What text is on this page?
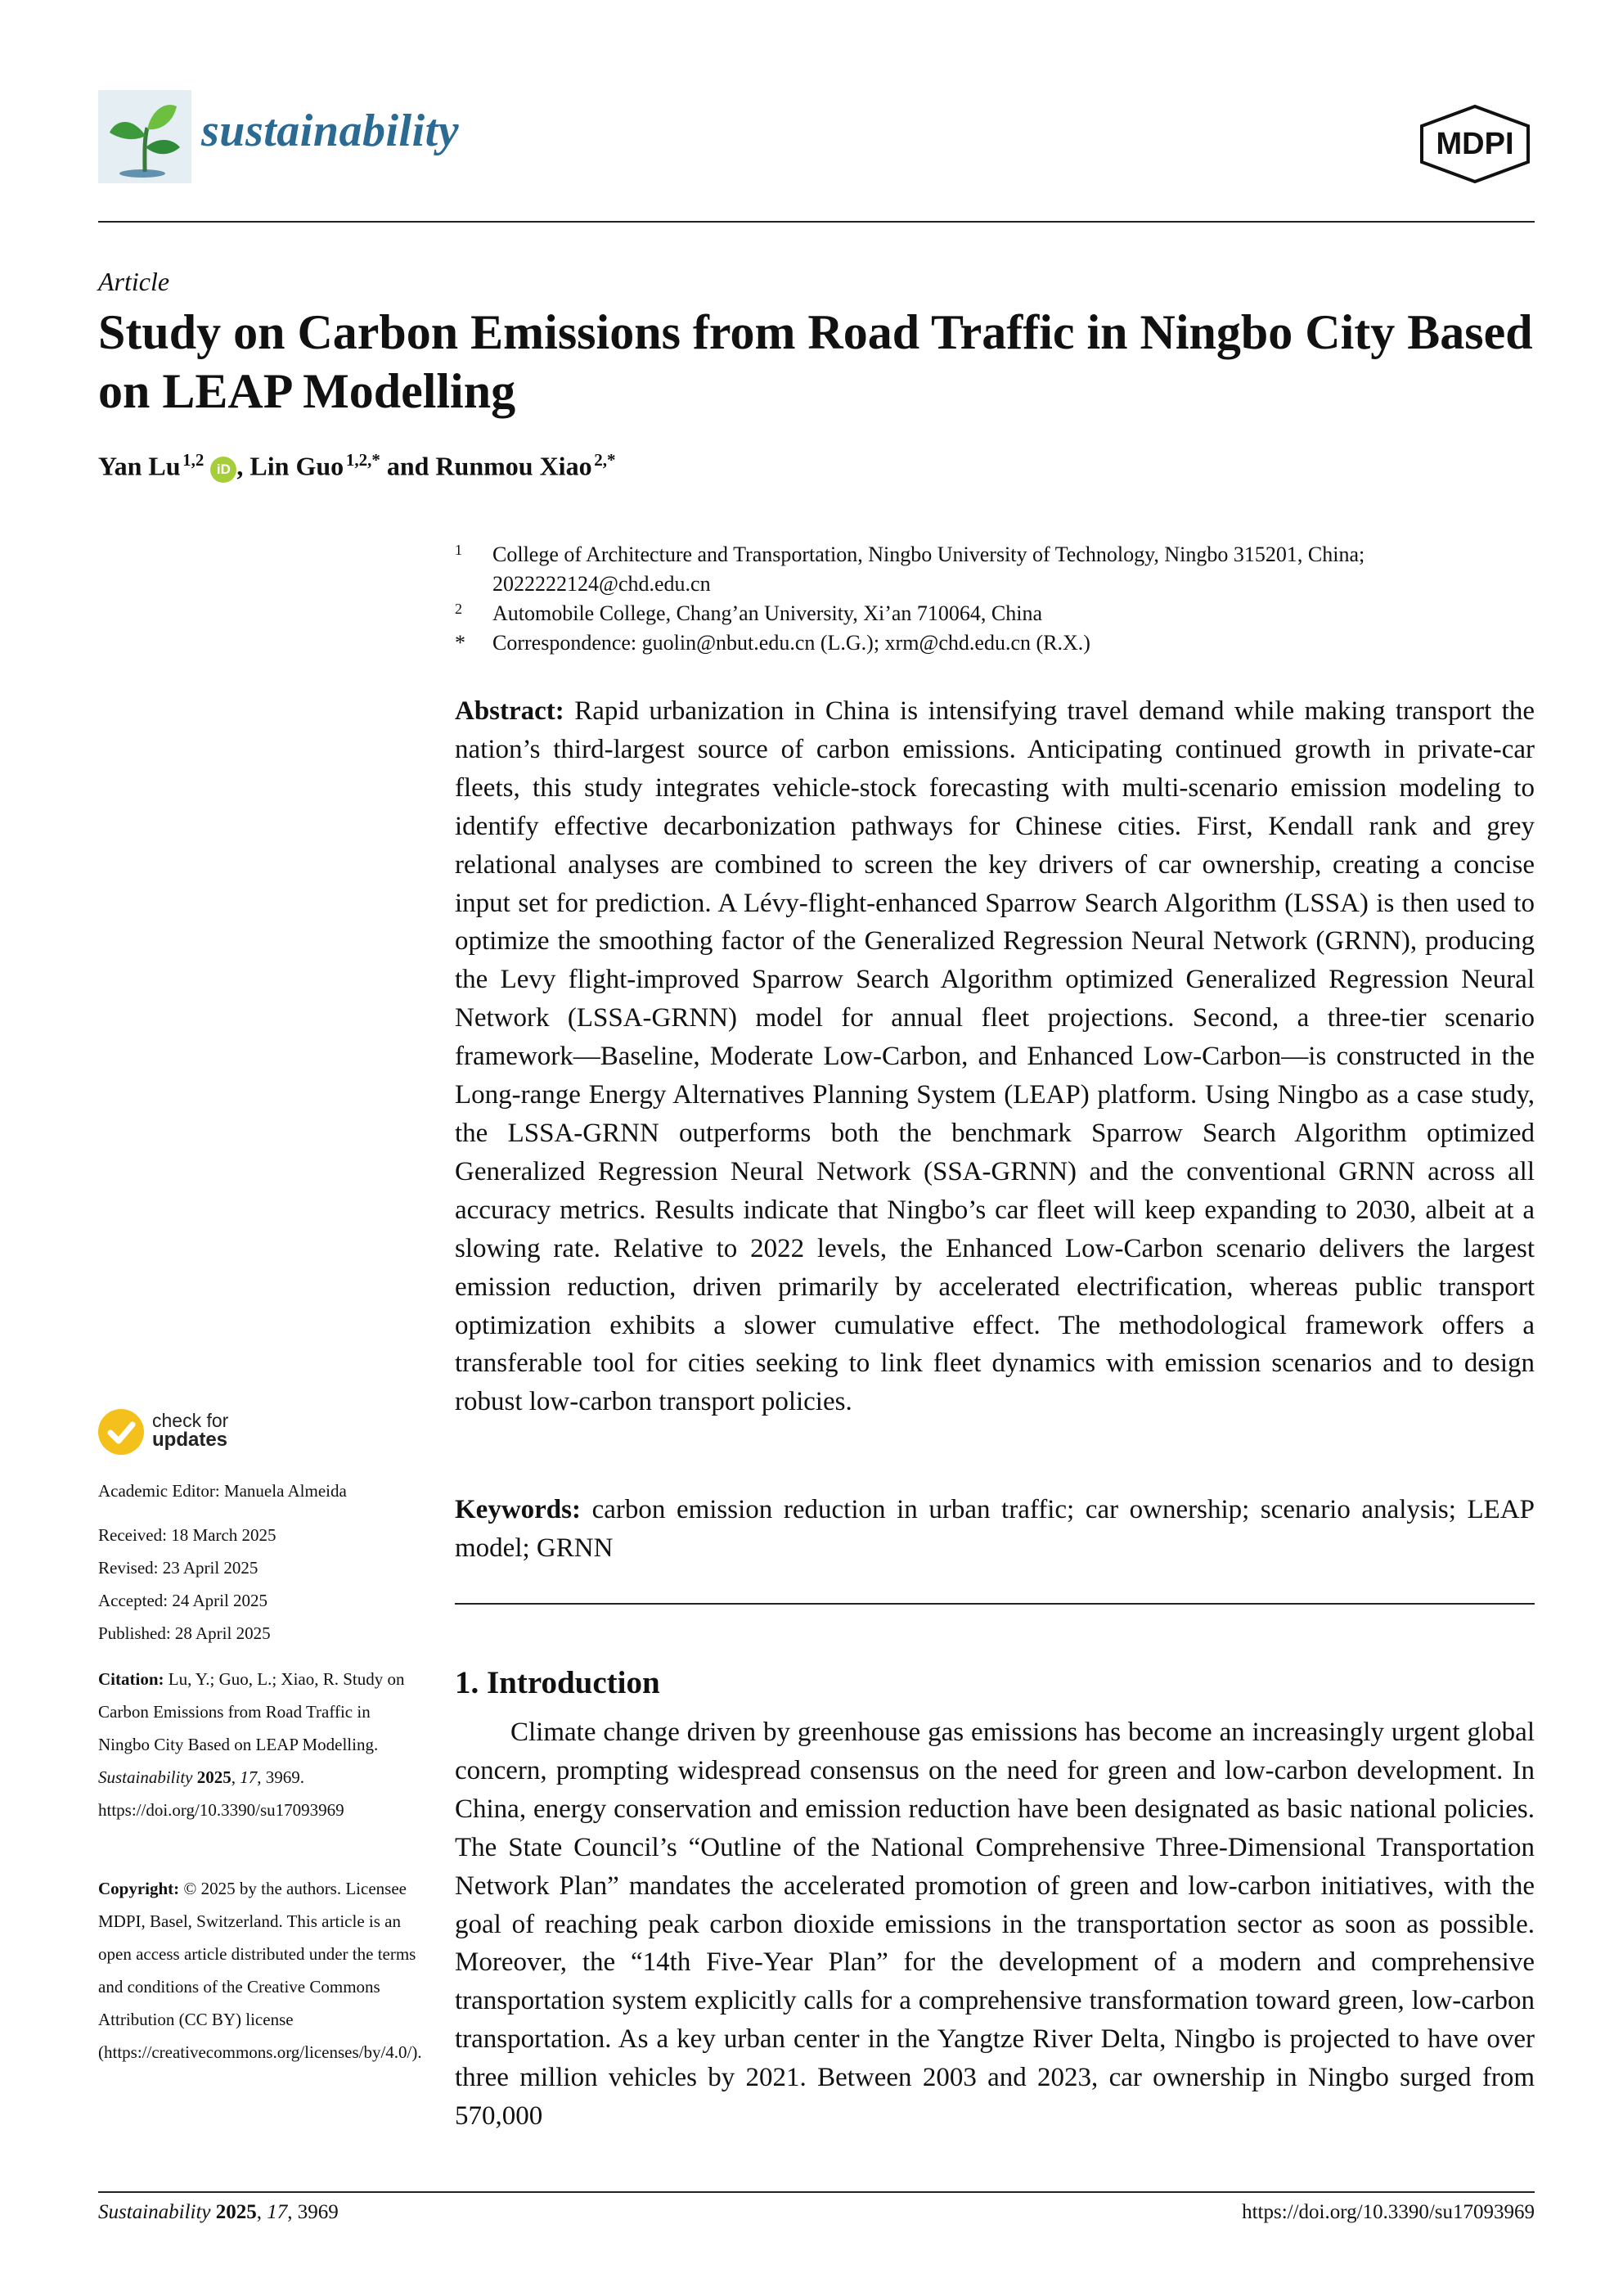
sustainability	MDPI
Article
Study on Carbon Emissions from Road Traffic in Ningbo City Based on LEAP Modelling
Yan Lu  $^{1,2}$ iD , Lin Guo  $^{1,2,*}$ and Runmou Xiao  $^{2,*}$
1 College of Architecture and Transportation, Ningbo University of Technology, Ningbo 315201, China; 2022222124@chd.edu.cn
2 Automobile College, Chang’an University, Xi’an 710064, China
* Correspondence: guolin@nbut.edu.cn (L.G.); xrm@chd.edu.cn (R.X.)
Abstract: Rapid urbanization in China is intensifying travel demand while making transport the nation’s third-largest source of carbon emissions. Anticipating continued growth in private-car fleets, this study integrates vehicle-stock forecasting with multi-scenario emission modeling to identify effective decarbonization pathways for Chinese cities. First, Kendall rank and grey relational analyses are combined to screen the key drivers of car ownership, creating a concise input set for prediction. A Lévy-flight-enhanced Sparrow Search Algorithm (LSSA) is then used to optimize the smoothing factor of the Generalized Regression Neural Network (GRNN), producing the Levy flight-improved Sparrow Search Algorithm optimized Generalized Regression Neural Network (LSSA-GRNN) model for annual fleet projections. Second, a three-tier scenario framework—Baseline, Moderate Low-Carbon, and Enhanced Low-Carbon—is constructed in the Long-range Energy Alternatives Planning System (LEAP) platform. Using Ningbo as a case study, the LSSA-GRNN outperforms both the benchmark Sparrow Search Algorithm optimized Generalized Regression Neural Network (SSA-GRNN) and the conventional GRNN across all accuracy metrics. Results indicate that Ningbo’s car fleet will keep expanding to 2030, albeit at a slowing rate. Relative to 2022 levels, the Enhanced Low-Carbon scenario delivers the largest emission reduction, driven primarily by accelerated electrification, whereas public transport optimization exhibits a slower cumulative effect. The methodological framework offers a transferable tool for cities seeking to link fleet dynamics with emission scenarios and to design robust low-carbon transport policies.
Keywords: carbon emission reduction in urban traffic; car ownership; scenario analysis; LEAP model; GRNN
1. Introduction
Climate change driven by greenhouse gas emissions has become an increasingly urgent global concern, prompting widespread consensus on the need for green and low-carbon development. In China, energy conservation and emission reduction have been designated as basic national policies. The State Council’s “Outline of the National Comprehensive Three-Dimensional Transportation Network Plan” mandates the accelerated promotion of green and low-carbon initiatives, with the goal of reaching peak carbon dioxide emissions in the transportation sector as soon as possible. Moreover, the “14th Five-Year Plan” for the development of a modern and comprehensive transportation system explicitly calls for a comprehensive transformation toward green, low-carbon transportation. As a key urban center in the Yangtze River Delta, Ningbo is projected to have over three million vehicles by 2021. Between 2003 and 2023, car ownership in Ningbo surged from 570,000
check for
updates
Academic Editor: Manuela Almeida
Received: 18 March 2025
Revised: 23 April 2025
Accepted: 24 April 2025
Published: 28 April 2025
Citation: Lu, Y.; Guo, L.; Xiao, R. Study on Carbon Emissions from Road Traffic in Ningbo City Based on LEAP Modelling. Sustainability 2025, 17, 3969. https://doi.org/10.3390/su17093969
Copyright: © 2025 by the authors. Licensee MDPI, Basel, Switzerland. This article is an open access article distributed under the terms and conditions of the Creative Commons Attribution (CC BY) license (https://creativecommons.org/licenses/by/4.0/).
Sustainability 2025, 17, 3969	https://doi.org/10.3390/su17093969
